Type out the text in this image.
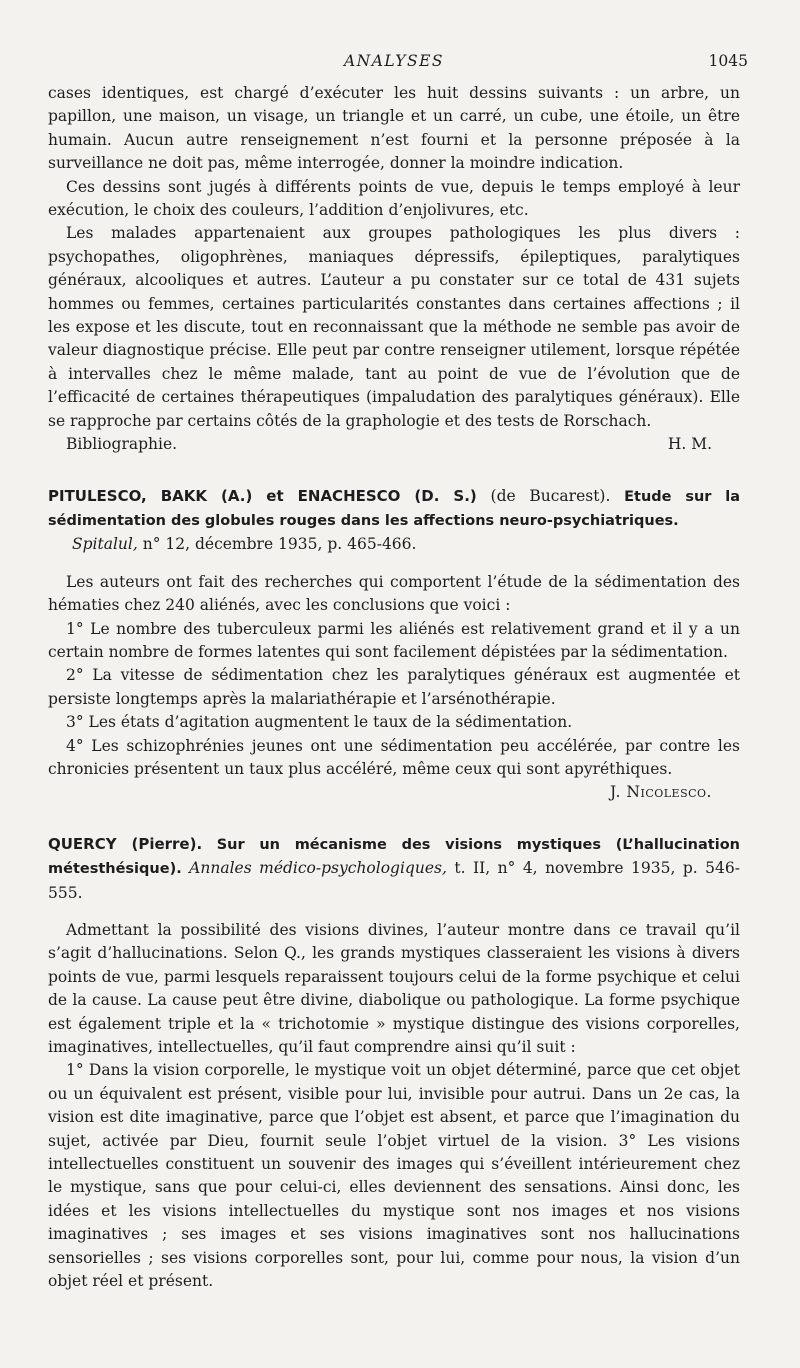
ANALYSES	1045

cases identiques, est chargé d’exécuter les huit dessins suivants : un arbre, un papillon, une maison, un visage, un triangle et un carré, un cube, une étoile, un être humain. Aucun autre renseignement n’est fourni et la personne préposée à la surveillance ne doit pas, même interrogée, donner la moindre indication.

Ces dessins sont jugés à différents points de vue, depuis le temps employé à leur exécution, le choix des couleurs, l’addition d’enjolivures, etc.

Les malades appartenaient aux groupes pathologiques les plus divers : psychopathes, oligophrènes, maniaques dépressifs, épileptiques, paralytiques généraux, alcooliques et autres. L’auteur a pu constater sur ce total de 431 sujets hommes ou femmes, certaines particularités constantes dans certaines affections ; il les expose et les discute, tout en reconnaissant que la méthode ne semble pas avoir de valeur diagnostique précise. Elle peut par contre renseigner utilement, lorsque répétée à intervalles chez le même malade, tant au point de vue de l’évolution que de l’efficacité de certaines thérapeutiques (impaludation des paralytiques généraux). Elle se rapproche par certains côtés de la graphologie et des tests de Rorschach.

Bibliographie.	H. M.
PITULESCO, BAKK (A.) et ENACHESCO (D. S.) (de Bucarest). Etude sur la sédimentation des globules rouges dans les affections neuro-psychiatriques.
Spitalul, n° 12, décembre 1935, p. 465-466.

Les auteurs ont fait des recherches qui comportent l’étude de la sédimentation des hématies chez 240 aliénés, avec les conclusions que voici :

1° Le nombre des tuberculeux parmi les aliénés est relativement grand et il y a un certain nombre de formes latentes qui sont facilement dépistées par la sédimentation.

2° La vitesse de sédimentation chez les paralytiques généraux est augmentée et persiste longtemps après la malariathérapie et l’arsénothérapie.

3° Les états d’agitation augmentent le taux de la sédimentation.

4° Les schizophrénies jeunes ont une sédimentation peu accélérée, par contre les chronicies présentent un taux plus accéléré, même ceux qui sont apyréthiques.

J. Nicolesco.
QUERCY (Pierre). Sur un mécanisme des visions mystiques (L’hallucination métesthésique). Annales médico-psychologiques, t. II, n° 4, novembre 1935, p. 546-555.

Admettant la possibilité des visions divines, l’auteur montre dans ce travail qu’il s’agit d’hallucinations. Selon Q., les grands mystiques classeraient les visions à divers points de vue, parmi lesquels reparaissent toujours celui de la forme psychique et celui de la cause. La cause peut être divine, diabolique ou pathologique. La forme psychique est également triple et la « trichotomie » mystique distingue des visions corporelles, imaginatives, intellectuelles, qu’il faut comprendre ainsi qu’il suit :

1° Dans la vision corporelle, le mystique voit un objet déterminé, parce que cet objet ou un équivalent est présent, visible pour lui, invisible pour autrui. Dans un 2e cas, la vision est dite imaginative, parce que l’objet est absent, et parce que l’imagination du sujet, activée par Dieu, fournit seule l’objet virtuel de la vision. 3° Les visions intellectuelles constituent un souvenir des images qui s’éveillent intérieurement chez le mystique, sans que pour celui-ci, elles deviennent des sensations. Ainsi donc, les idées et les visions intellectuelles du mystique sont nos images et nos visions imaginatives ; ses images et ses visions imaginatives sont nos hallucinations sensorielles ; ses visions corporelles sont, pour lui, comme pour nous, la vision d’un objet réel et présent.
